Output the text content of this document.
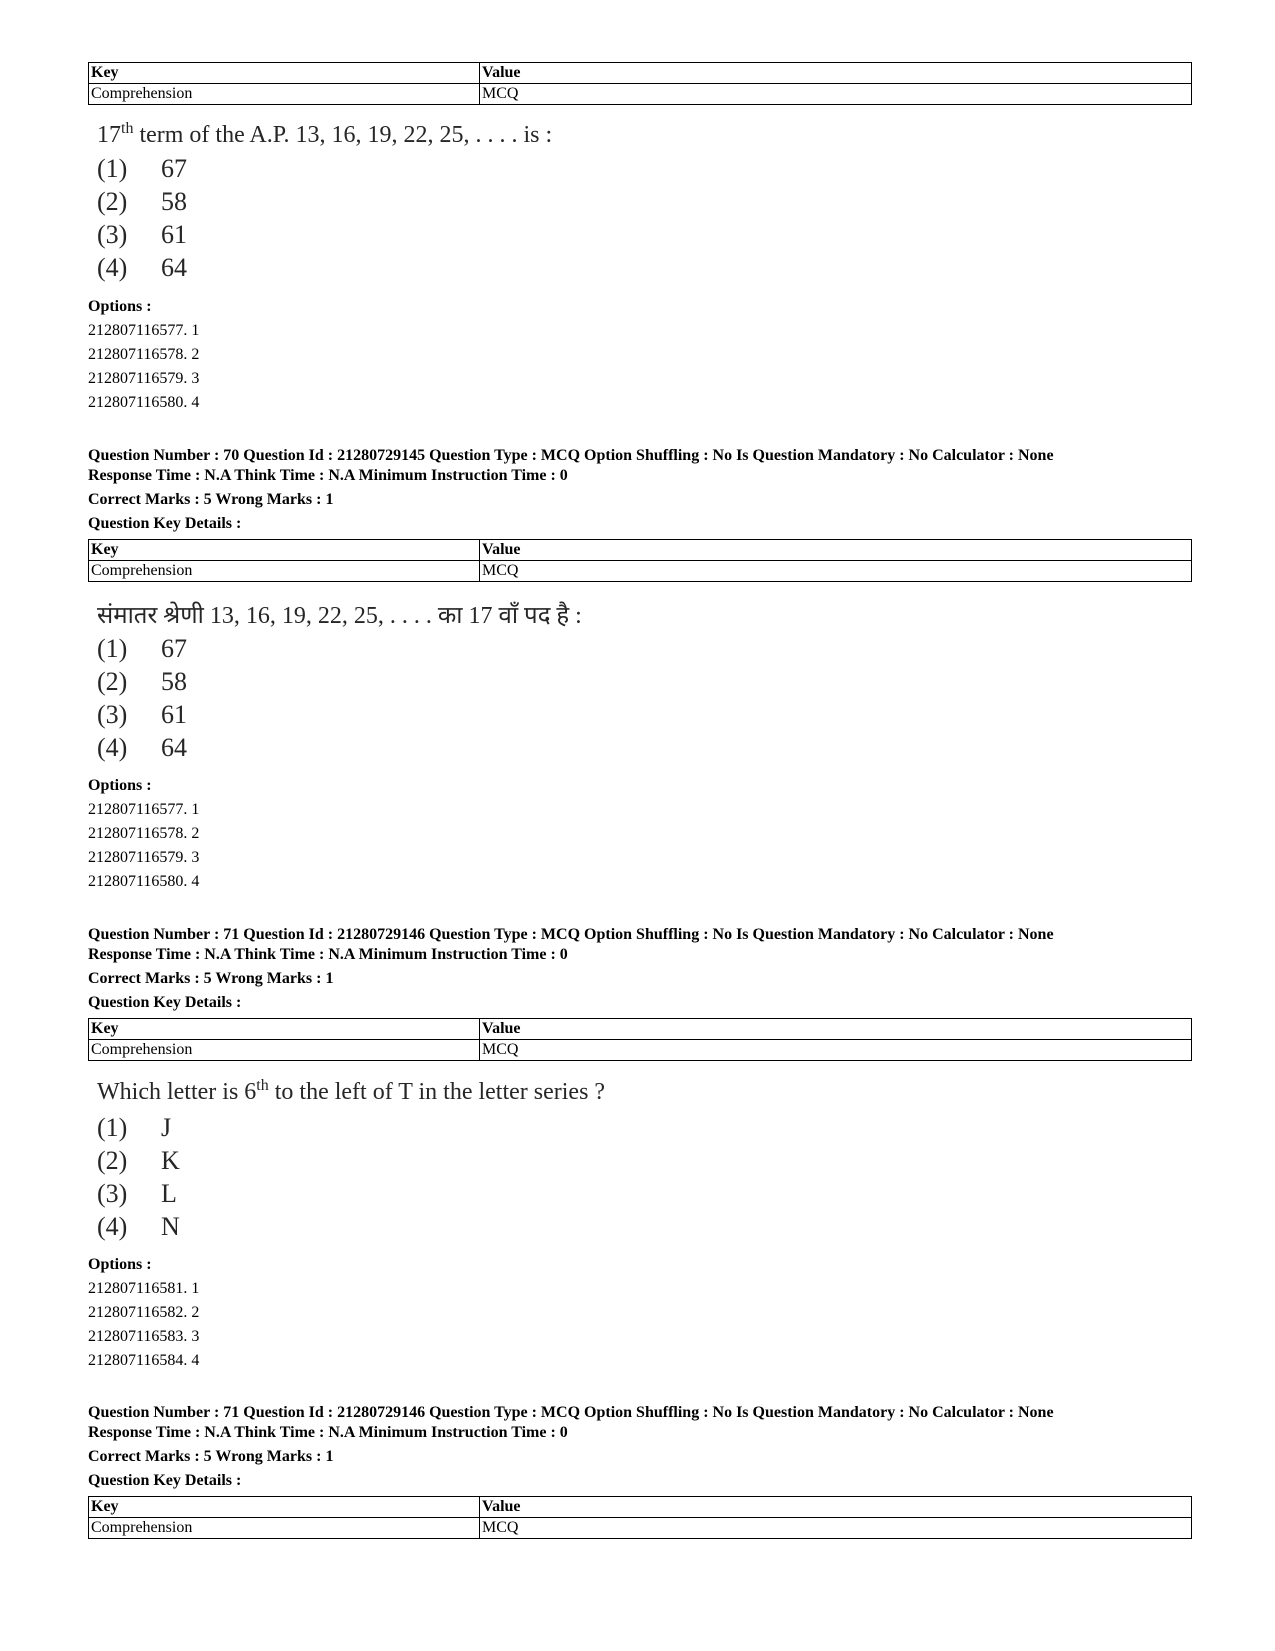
Key	Value
Comprehension	MCQ
17th term of the A.P. 13, 16, 19, 22, 25, . . . . is :
(1) 67
(2) 58
(3) 61
(4) 64
Options :
212807116577. 1
212807116578. 2
212807116579. 3
212807116580. 4
Question Number : 70 Question Id : 21280729145 Question Type : MCQ Option Shuffling : No Is Question Mandatory : No Calculator : None
Response Time : N.A Think Time : N.A Minimum Instruction Time : 0
Correct Marks : 5 Wrong Marks : 1
Question Key Details :
Key	Value
Comprehension	MCQ
संमातर श्रेणी 13, 16, 19, 22, 25, . . . . का 17 वाँ पद है :
(1) 67
(2) 58
(3) 61
(4) 64
Options :
212807116577. 1
212807116578. 2
212807116579. 3
212807116580. 4
Question Number : 71 Question Id : 21280729146 Question Type : MCQ Option Shuffling : No Is Question Mandatory : No Calculator : None
Response Time : N.A Think Time : N.A Minimum Instruction Time : 0
Correct Marks : 5 Wrong Marks : 1
Question Key Details :
Key	Value
Comprehension	MCQ
Which letter is 6th to the left of T in the letter series ?
(1) J
(2) K
(3) L
(4) N
Options :
212807116581. 1
212807116582. 2
212807116583. 3
212807116584. 4
Question Number : 71 Question Id : 21280729146 Question Type : MCQ Option Shuffling : No Is Question Mandatory : No Calculator : None
Response Time : N.A Think Time : N.A Minimum Instruction Time : 0
Correct Marks : 5 Wrong Marks : 1
Question Key Details :
Key	Value
Comprehension	MCQ
